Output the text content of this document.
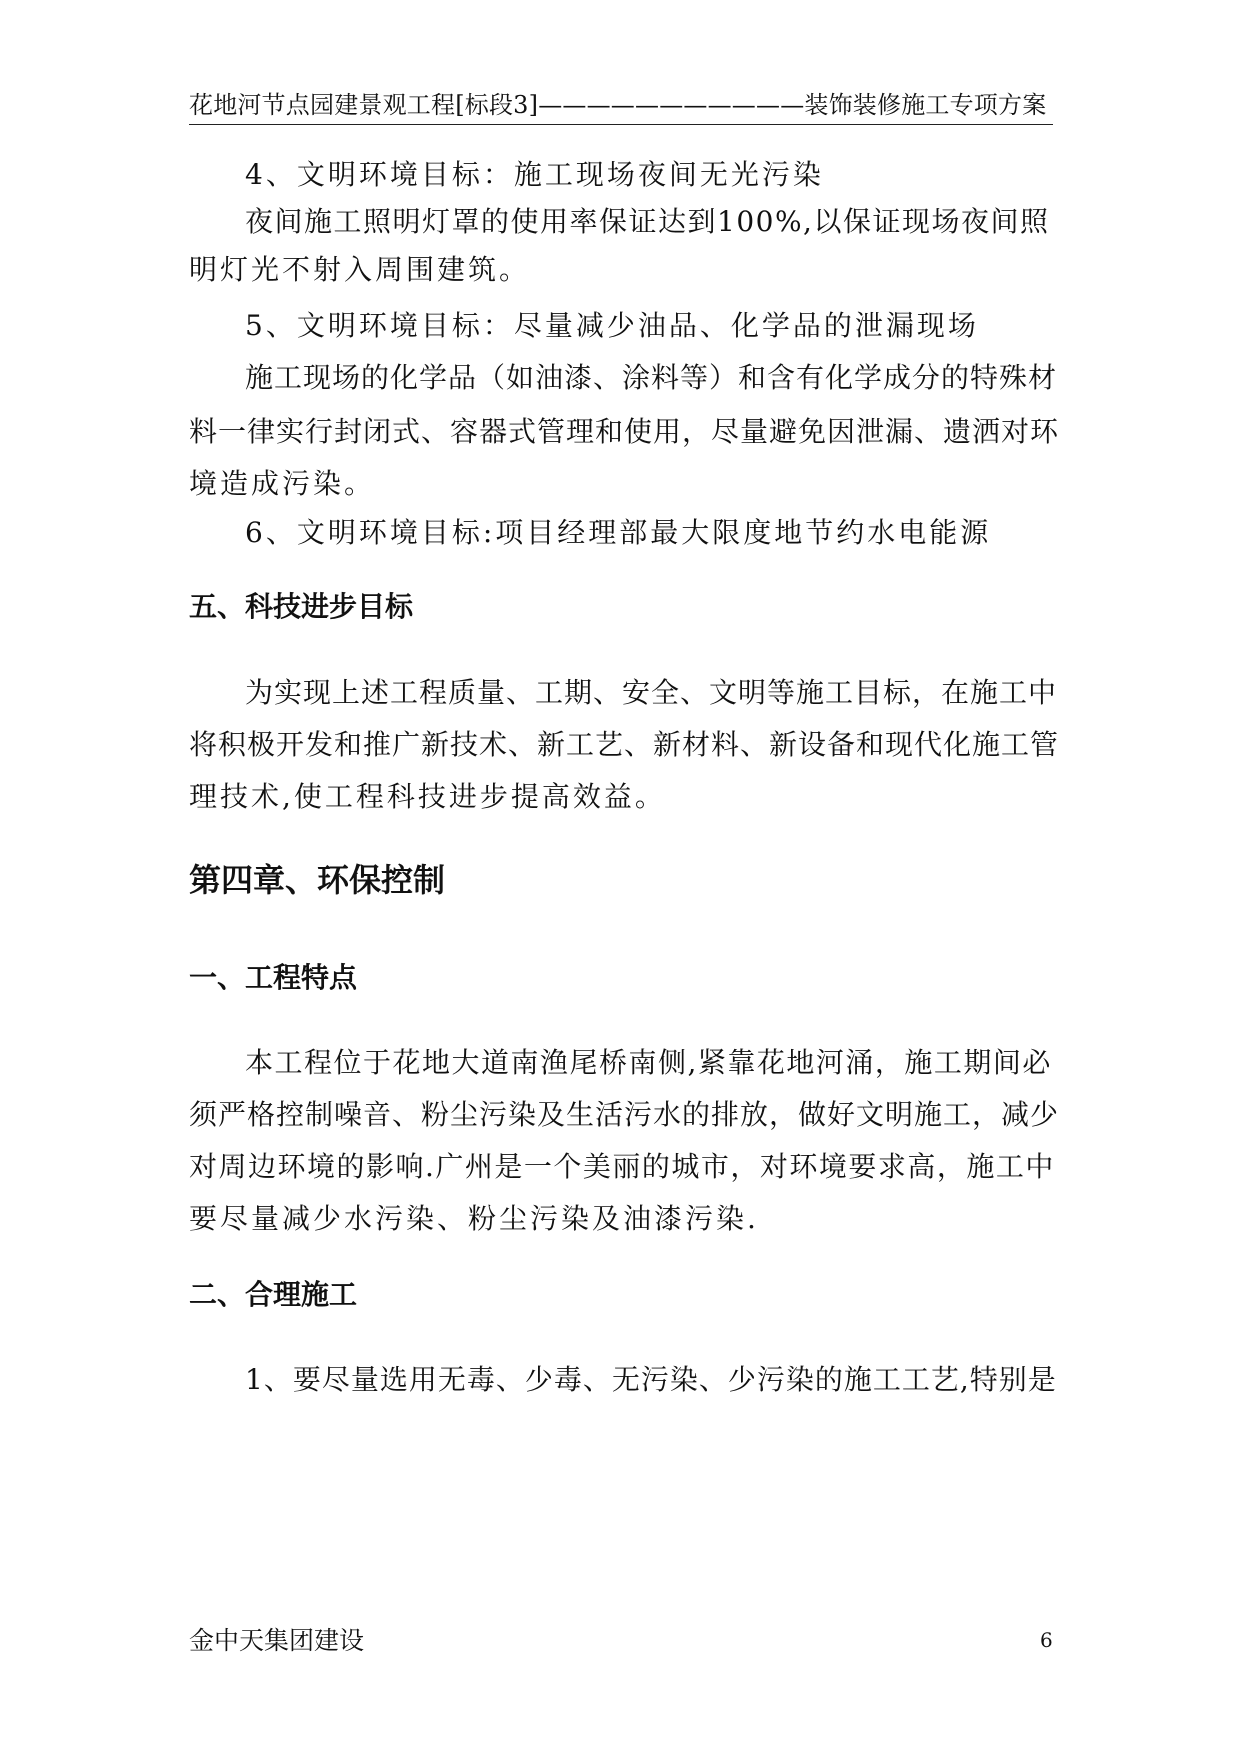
花地河节点园建景观工程[标段3]———————————装饰装修施工专项方案
4、文明环境目标：施工现场夜间无光污染
夜间施工照明灯罩的使用率保证达到100%,以保证现场夜间照
明灯光不射入周围建筑。
5、文明环境目标：尽量减少油品、化学品的泄漏现场
施工现场的化学品（如油漆、涂料等）和含有化学成分的特殊材
料一律实行封闭式、容器式管理和使用，尽量避免因泄漏、遗洒对环
境造成污染。
6、文明环境目标:项目经理部最大限度地节约水电能源
五、科技进步目标
为实现上述工程质量、工期、安全、文明等施工目标，在施工中
将积极开发和推广新技术、新工艺、新材料、新设备和现代化施工管
理技术,使工程科技进步提高效益。
第四章、环保控制
一、工程特点
本工程位于花地大道南渔尾桥南侧,紧靠花地河涌，施工期间必
须严格控制噪音、粉尘污染及生活污水的排放，做好文明施工，减少
对周边环境的影响.广州是一个美丽的城市，对环境要求高，施工中
要尽量减少水污染、粉尘污染及油漆污染.
二、合理施工
1、要尽量选用无毒、少毒、无污染、少污染的施工工艺,特别是
金中天集团建设	6
